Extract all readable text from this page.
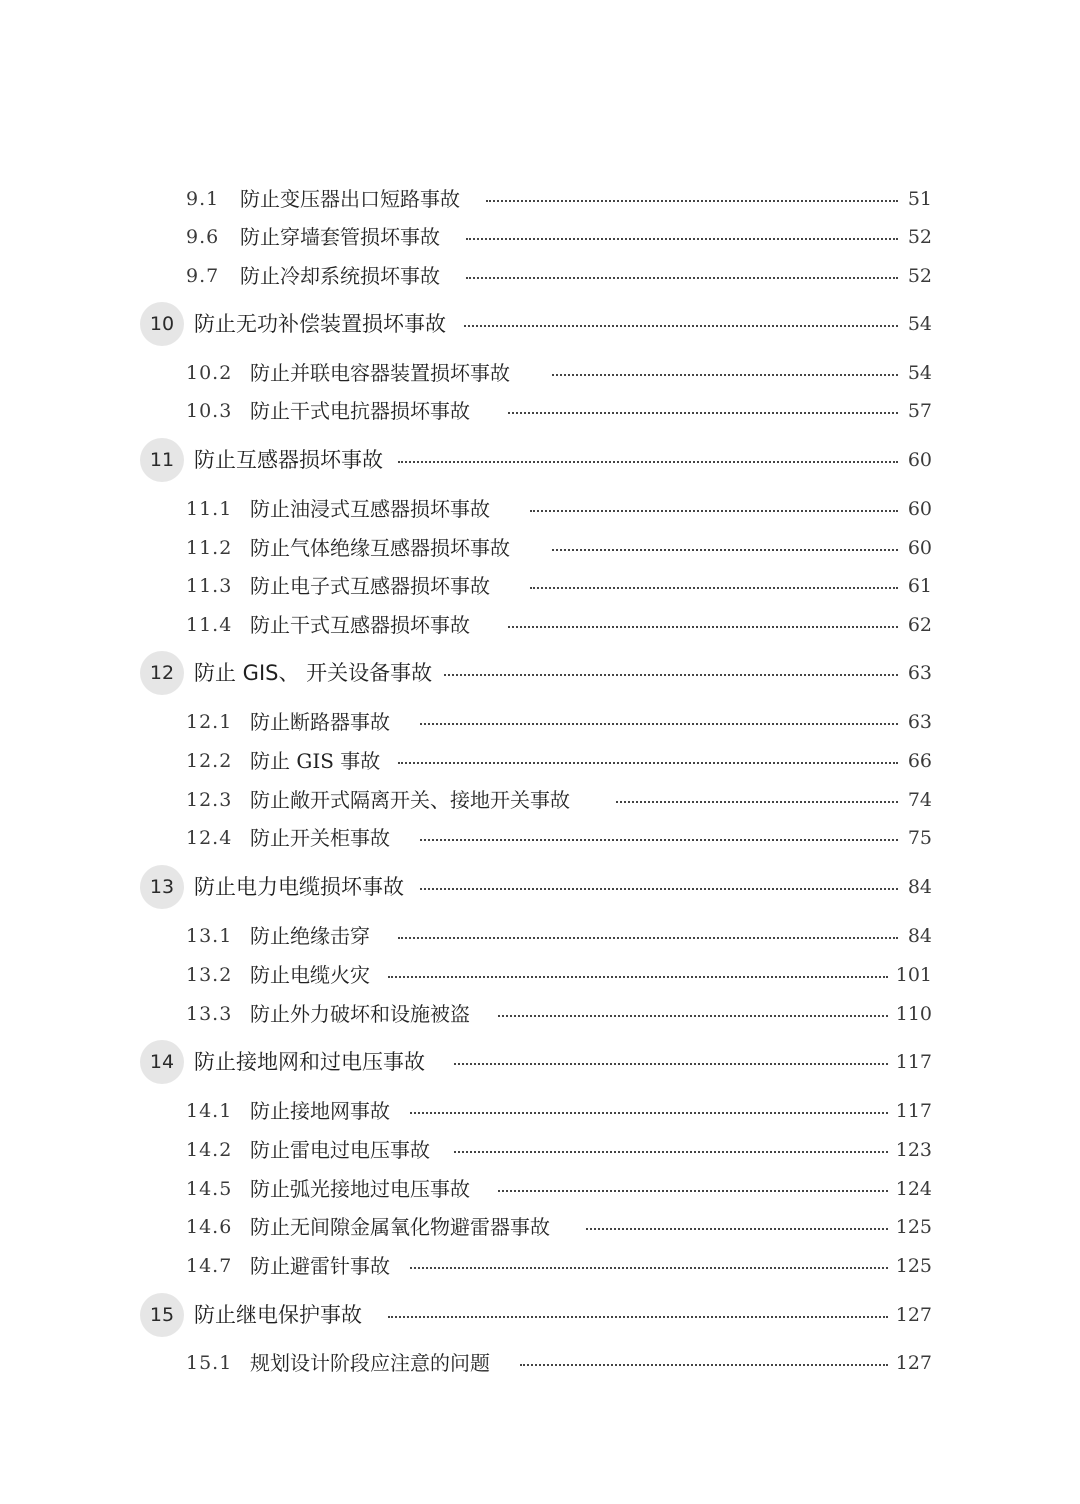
9.1 防止变压器出口短路事故	51
9.6 防止穿墙套管损坏事故	52
9.7 防止冷却系统损坏事故	52
10 防止无功补偿装置损坏事故	54
10.2 防止并联电容器装置损坏事故	54
10.3 防止干式电抗器损坏事故	57
11 防止互感器损坏事故	60
11.1 防止油浸式互感器损坏事故	60
11.2 防止气体绝缘互感器损坏事故	60
11.3 防止电子式互感器损坏事故	61
11.4 防止干式互感器损坏事故	62
12 防止 GIS、 开关设备事故	63
12.1 防止断路器事故	63
12.2 防止 GIS 事故	66
12.3 防止敞开式隔离开关、接地开关事故	74
12.4 防止开关柜事故	75
13 防止电力电缆损坏事故	84
13.1 防止绝缘击穿	84
13.2 防止电缆火灾	101
13.3 防止外力破坏和设施被盗	110
14 防止接地网和过电压事故	117
14.1 防止接地网事故	117
14.2 防止雷电过电压事故	123
14.5 防止弧光接地过电压事故	124
14.6 防止无间隙金属氧化物避雷器事故	125
14.7 防止避雷针事故	125
15 防止继电保护事故	127
15.1 规划设计阶段应注意的问题	127
